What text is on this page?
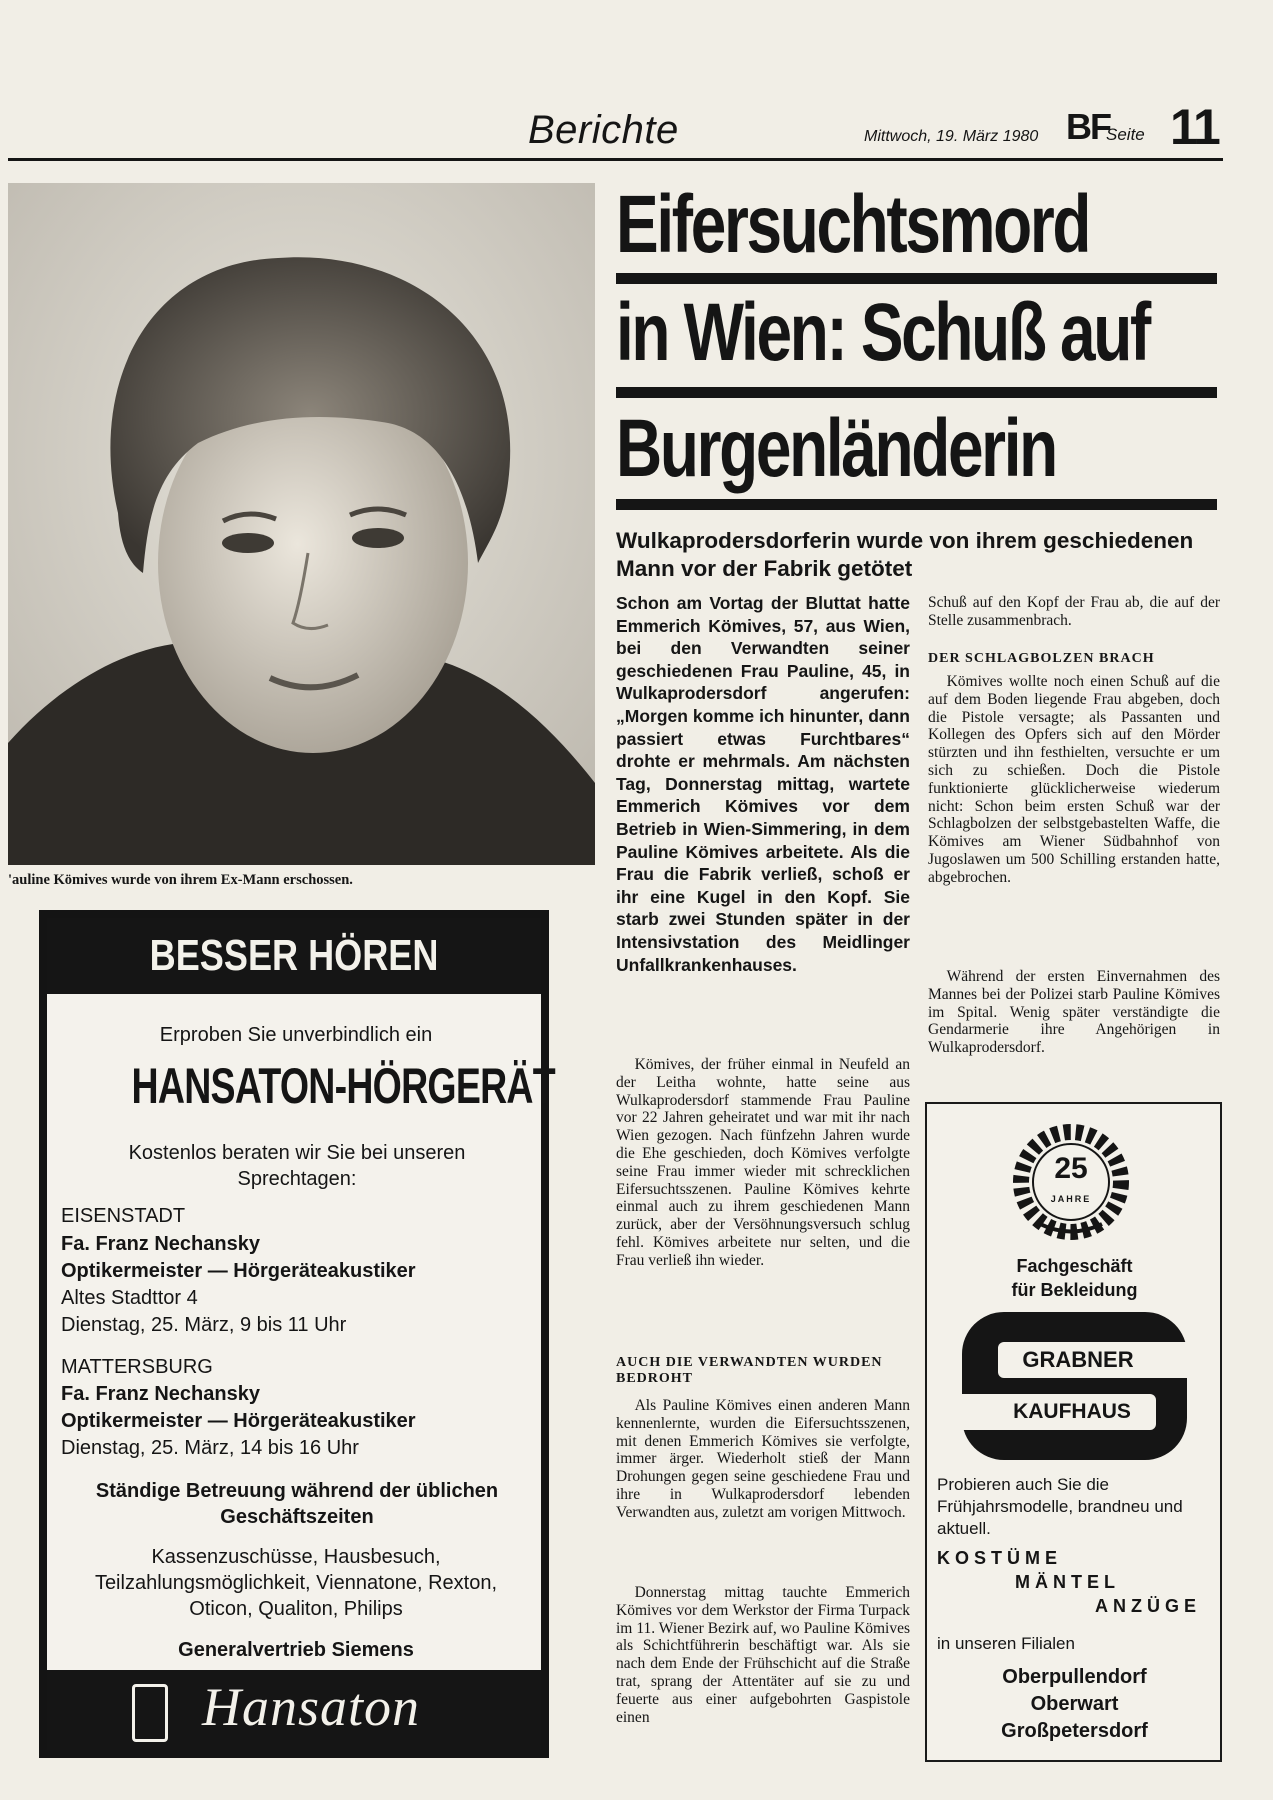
Berichte	Mittwoch, 19. März 1980 BF
Seite 11
'auline Kömives wurde von ihrem Ex-Mann erschossen.
Eifersuchtsmord
in Wien: Schuß auf
Burgenländerin
Wulkaprodersdorferin wurde von ihrem geschiedenen Mann vor der Fabrik getötet

Schon am Vortag der Bluttat hatte Emmerich Kömives, 57, aus Wien, bei den Verwandten seiner geschiedenen Frau Pauline, 45, in Wulkaprodersdorf angerufen: „Morgen komme ich hinunter, dann passiert etwas Furchtbares“ drohte er mehrmals. Am nächsten Tag, Donnerstag mittag, wartete Emmerich Kömives vor dem Betrieb in Wien-Simmering, in dem Pauline Kömives arbeitete. Als die Frau die Fabrik verließ, schoß er ihr eine Kugel in den Kopf. Sie starb zwei Stunden später in der Intensivstation des Meidlinger Unfallkrankenhauses.

Kömives, der früher einmal in Neufeld an der Leitha wohnte, hatte seine aus Wulkaprodersdorf stammende Frau Pauline vor 22 Jahren geheiratet und war mit ihr nach Wien gezogen. Nach fünfzehn Jahren wurde die Ehe geschieden, doch Kömives verfolgte seine Frau immer wieder mit schrecklichen Eifersuchtsszenen. Pauline Kömives kehrte einmal auch zu ihrem geschiedenen Mann zurück, aber der Versöhnungsversuch schlug fehl. Kömives arbeitete nur selten, und die Frau verließ ihn wieder.

AUCH DIE VERWANDTEN WURDEN BEDROHT

Als Pauline Kömives einen anderen Mann kennenlernte, wurden die Eifersuchtsszenen, mit denen Emmerich Kömives sie verfolgte, immer ärger. Wiederholt stieß der Mann Drohungen gegen seine geschiedene Frau und ihre in Wulkaprodersdorf lebenden Verwandten aus, zuletzt am vorigen Mittwoch.

Donnerstag mittag tauchte Emmerich Kömives vor dem Werkstor der Firma Turpack im 11. Wiener Bezirk auf, wo Pauline Kömives als Schichtführerin beschäftigt war. Als sie nach dem Ende der Frühschicht auf die Straße trat, sprang der Attentäter auf sie zu und feuerte aus einer aufgebohrten Gaspistole einen

Schuß auf den Kopf der Frau ab, die auf der Stelle zusammenbrach.

DER SCHLAGBOLZEN BRACH

Kömives wollte noch einen Schuß auf die auf dem Boden liegende Frau abgeben, doch die Pistole versagte; als Passanten und Kollegen des Opfers sich auf den Mörder stürzten und ihn festhielten, versuchte er um sich zu schießen. Doch die Pistole funktionierte glücklicherweise wiederum nicht: Schon beim ersten Schuß war der Schlagbolzen der selbstgebastelten Waffe, die Kömives am Wiener Südbahnhof von Jugoslawen um 500 Schilling erstanden hatte, abgebrochen.

Während der ersten Einvernahmen des Mannes bei der Polizei starb Pauline Kömives im Spital. Wenig später verständigte die Gendarmerie ihre Angehörigen in Wulkaprodersdorf.

BESSER HÖREN

Erproben Sie unverbindlich ein

HANSATON-HÖRGERÄT

Kostenlos beraten wir Sie bei unseren Sprechtagen:

EISENSTADT

Fa. Franz Nechansky

Optikermeister — Hörgeräteakustiker

Altes Stadttor 4

Dienstag, 25. März, 9 bis 11 Uhr

MATTERSBURG

Fa. Franz Nechansky

Optikermeister — Hörgeräteakustiker

Dienstag, 25. März, 14 bis 16 Uhr

Ständige Betreuung während der üblichen Geschäftszeiten

Kassenzuschüsse, Hausbesuch, Teilzahlungsmöglichkeit, Viennatone, Rexton, Oticon, Qualiton, Philips

Generalvertrieb Siemens

Hansaton
25
JAHRE

Fachgeschäft

für Bekleidung

GRABNER
KAUFHAUS

Probieren auch Sie die Frühjahrsmodelle, brandneu und aktuell.

KOSTÜME

MÄNTEL

ANZÜGE

in unseren Filialen

Oberpullendorf

Oberwart

Großpetersdorf
